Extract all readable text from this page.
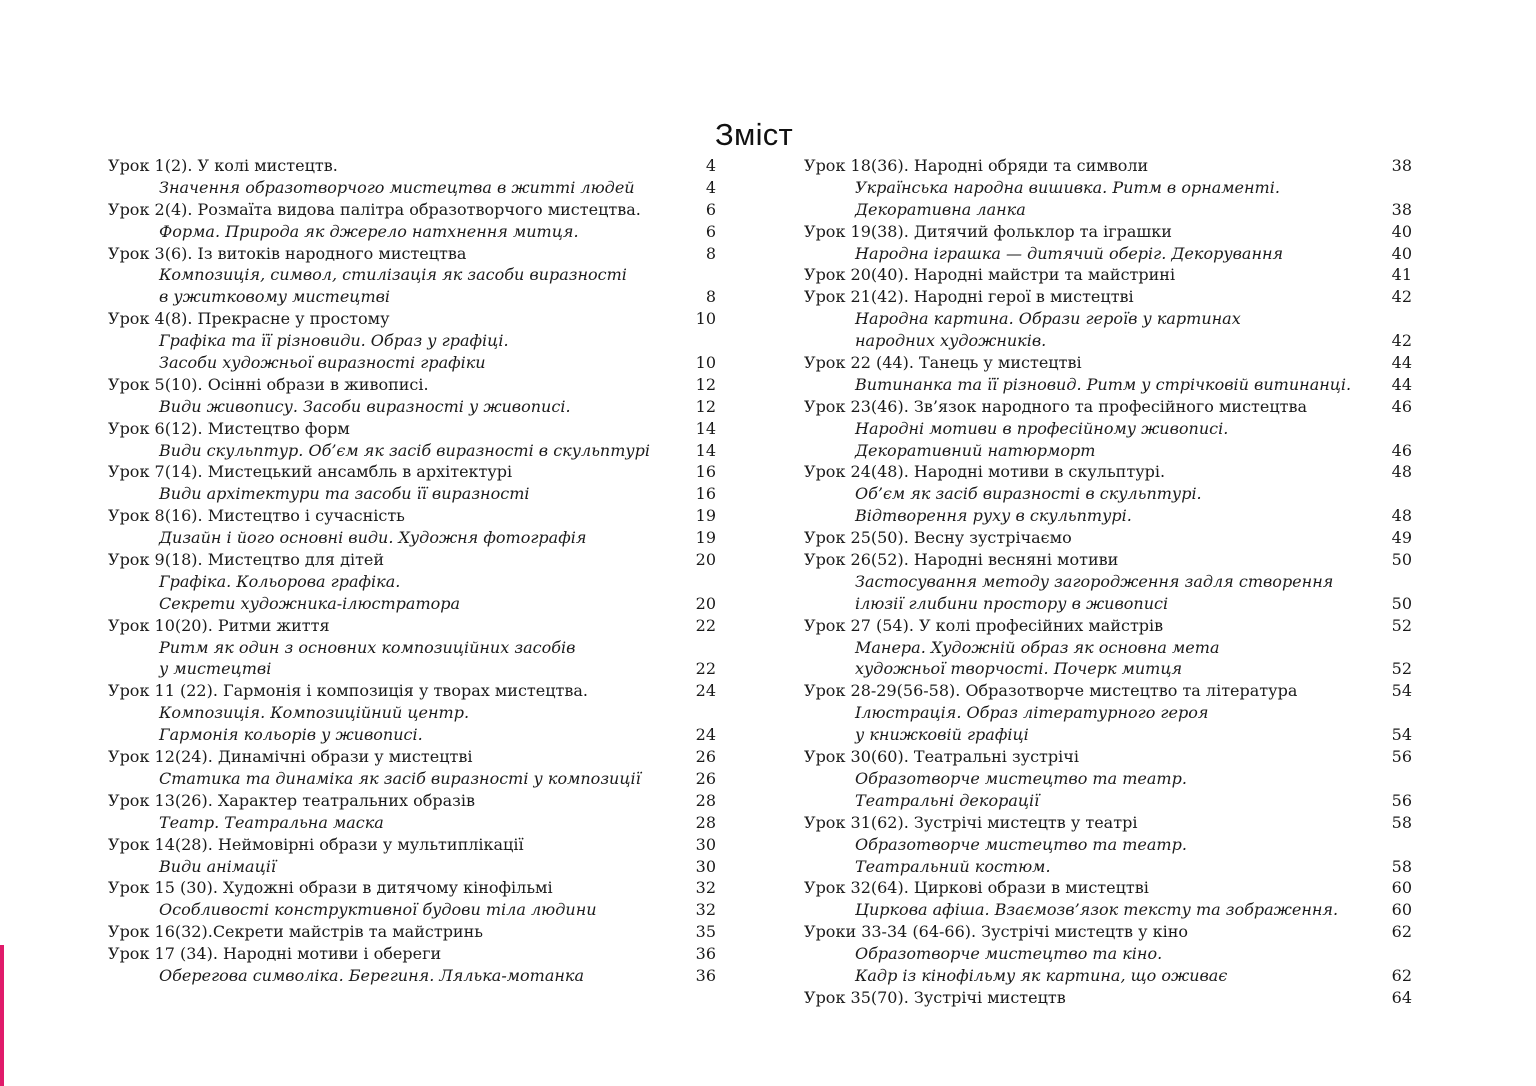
Зміст
Урок 1(2). У колі мистецтв.	4
Значення образотворчого мистецтва в житті людей	4
Урок 2(4). Розмаїта видова палітра образотворчого мистецтва.	6
Форма. Природа як джерело натхнення митця.	6
Урок 3(6). Із витоків народного мистецтва	8
Композиція, символ, стилізація як засоби виразності
в ужитковому мистецтві	8
Урок 4(8). Прекрасне у простому	10
Графіка та її різновиди. Образ у графіці.
Засоби художньої виразності графіки	10
Урок 5(10). Осінні образи в живописі.	12
Види живопису. Засоби виразності у живописі.	12
Урок 6(12). Мистецтво форм	14
Види скульптур. Об’єм як засіб виразності в скульптурі	14
Урок 7(14). Мистецький ансамбль в архітектурі	16
Види архітектури та засоби її виразності	16
Урок 8(16). Мистецтво і сучасність	19
Дизайн і його основні види. Художня фотографія	19
Урок 9(18). Мистецтво для дітей	20
Графіка. Кольорова графіка.
Секрети художника-ілюстратора	20
Урок 10(20). Ритми життя	22
Ритм як один з основних композиційних засобів
у мистецтві	22
Урок 11 (22). Гармонія і композиція у творах мистецтва.	24
Композиція. Композиційний центр.
Гармонія кольорів у живописі.	24
Урок 12(24). Динамічні образи у мистецтві	26
Статика та динаміка як засіб виразності у композиції	26
Урок 13(26). Характер театральних образів	28
Театр. Театральна маска	28
Урок 14(28). Неймовірні образи у мультиплікації	30
Види анімації	30
Урок 15 (30). Художні образи в дитячому кінофільмі	32
Особливості конструктивної будови тіла людини	32
Урок 16(32).Секрети майстрів та майстринь	35
Урок 17 (34). Народні мотиви і обереги	36
Оберегова символіка. Берегиня. Лялька-мотанка	36
Урок 18(36). Народні обряди та символи	38
Українська народна вишивка. Ритм в орнаменті.
Декоративна ланка	38
Урок 19(38). Дитячий фольклор та іграшки	40
Народна іграшка — дитячий оберіг. Декорування	40
Урок 20(40). Народні майстри та майстрині	41
Урок 21(42). Народні герої в мистецтві	42
Народна картина. Образи героїв у картинах
народних художників.	42
Урок 22 (44). Танець у мистецтві	44
Витинанка та її різновид. Ритм у стрічковій витинанці.	44
Урок 23(46). Зв’язок народного та професійного мистецтва	46
Народні мотиви в професійному живописі.
Декоративний натюрморт	46
Урок 24(48). Народні мотиви в скульптурі.	48
Об’єм як засіб виразності в скульптурі.
Відтворення руху в скульптурі.	48
Урок 25(50). Весну зустрічаємо	49
Урок 26(52). Народні весняні мотиви	50
Застосування методу загородження задля створення
ілюзії глибини простору в живописі	50
Урок 27 (54). У колі професійних майстрів	52
Манера. Художній образ як основна мета
художньої творчості. Почерк митця	52
Урок 28-29(56-58). Образотворче мистецтво та література	54
Ілюстрація. Образ літературного героя
у книжковій графіці	54
Урок 30(60). Театральні зустрічі	56
Образотворче мистецтво та театр.
Театральні декорації	56
Урок 31(62). Зустрічі мистецтв у театрі	58
Образотворче мистецтво та театр.
Театральний костюм.	58
Урок 32(64). Циркові образи в мистецтві	60
Циркова афіша. Взаємозв’язок тексту та зображення.	60
Уроки 33-34 (64-66). Зустрічі мистецтв у кіно	62
Образотворче мистецтво та кіно.
Кадр із кінофільму як картина, що оживає	62
Урок 35(70). Зустрічі мистецтв	64
